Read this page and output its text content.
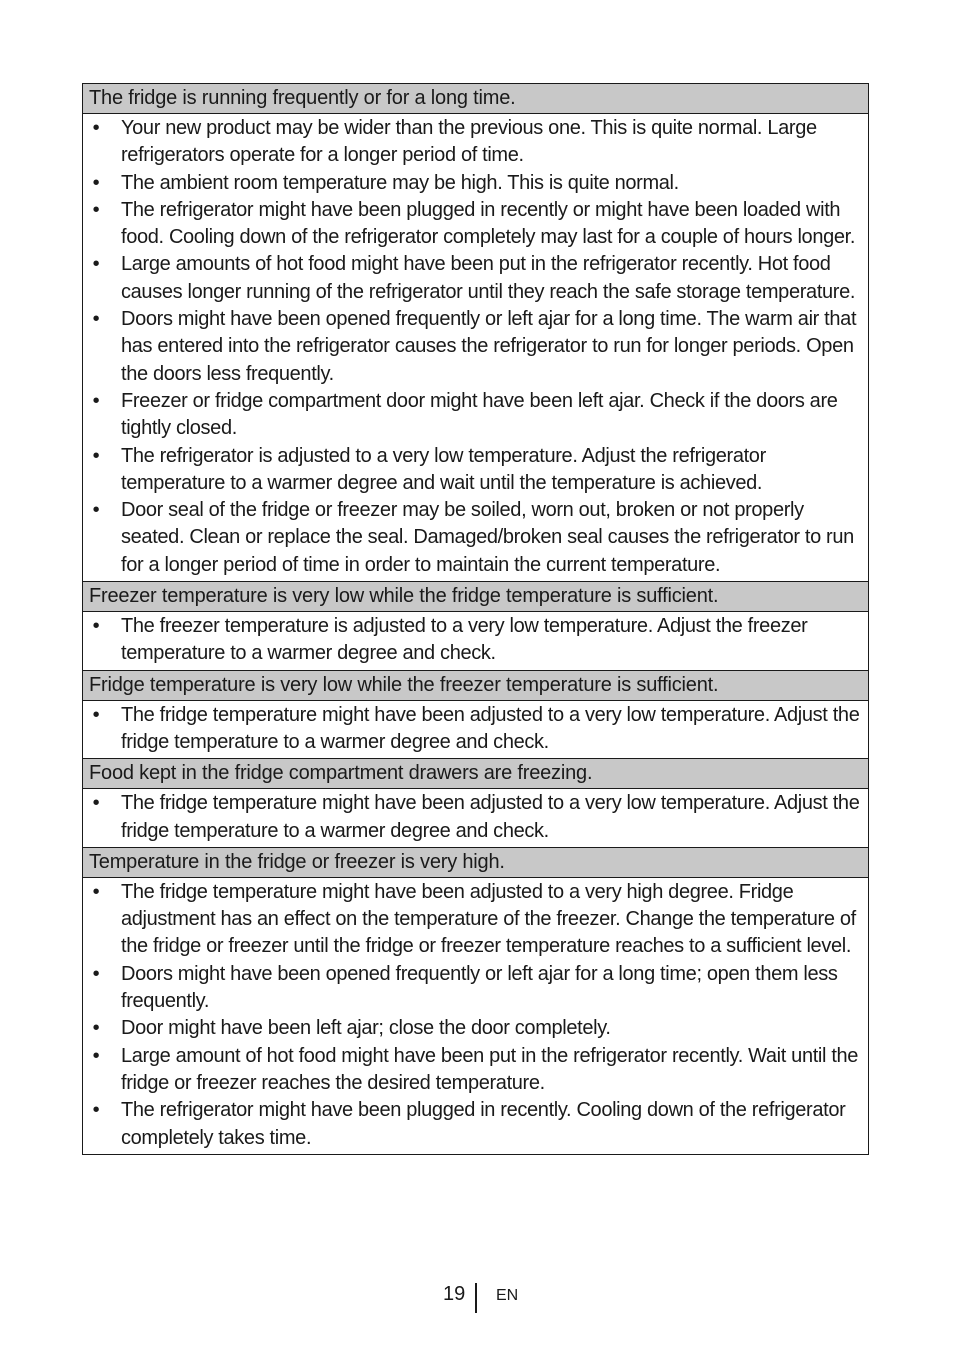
The fridge is running frequently or for a long time.
• Your new product may be wider than the previous one. This is quite normal. Large refrigerators operate for a longer period of time.
• The ambient room temperature may be high. This is quite normal.
• The refrigerator might have been plugged in recently or might have been loaded with food. Cooling down of the refrigerator completely may last for a couple of hours longer.
• Large amounts of hot food might have been put in the refrigerator recently. Hot food causes longer running of the refrigerator until they reach the safe storage temperature.
• Doors might have been opened frequently or left ajar for a long time. The warm air that has entered into the refrigerator causes the refrigerator to run for longer periods. Open the doors less frequently.
• Freezer or fridge compartment door might have been left ajar. Check if the doors are tightly closed.
• The refrigerator is adjusted to a very low temperature. Adjust the refrigerator temperature to a warmer degree and wait until the temperature is achieved.
• Door seal of the fridge or freezer may be soiled, worn out, broken or not properly seated. Clean or replace the seal. Damaged/broken seal causes the refrigerator to run for a longer period of time in order to maintain the current temperature.
Freezer temperature is very low while the fridge temperature is sufficient.
• The freezer temperature is adjusted to a very low temperature. Adjust the freezer temperature to a warmer degree and check.
Fridge temperature is very low while the freezer temperature is sufficient.
• The fridge temperature might have been adjusted to a very low temperature. Adjust the fridge temperature to a warmer degree and check.
Food kept in the fridge compartment drawers are freezing.
• The fridge temperature might have been adjusted to a very low temperature. Adjust the fridge temperature to a warmer degree and check.
Temperature in the fridge or freezer is very high.
• The fridge temperature might have been adjusted to a very high degree. Fridge adjustment has an effect on the temperature of the freezer. Change the temperature of the fridge or freezer until the fridge or freezer temperature reaches to a sufficient level.
• Doors might have been opened frequently or left ajar for a long time; open them less frequently.
• Door might have been left ajar; close the door completely.
• Large amount of hot food might have been put in the refrigerator recently. Wait until the fridge or freezer reaches the desired temperature.
• The refrigerator might have been plugged in recently. Cooling down of the refrigerator completely takes time.
19 EN
